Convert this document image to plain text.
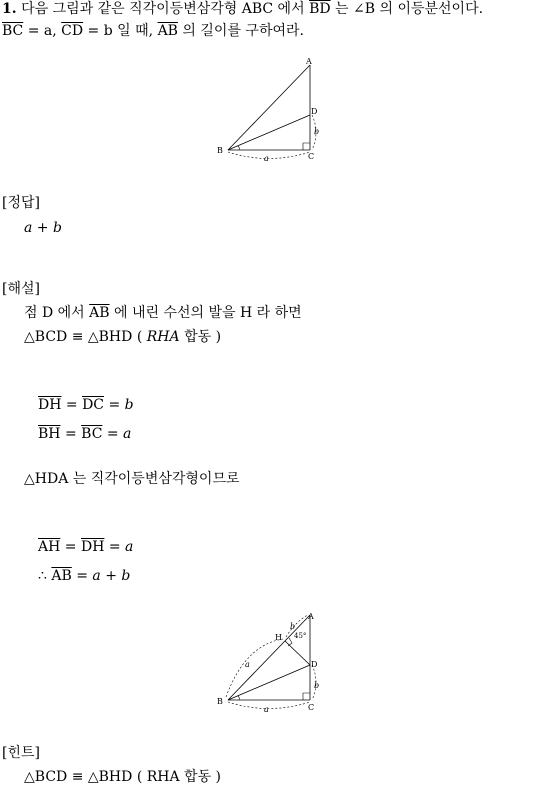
1. 다음 그림과 같은 직각이등변삼각형 ABC 에서 $\overline{BD}$ 는 ∠B 의 이등분선이다.
$\overline{BC} = a$, $\overline{CD} = b$ 일 때, $\overline{AB}$ 의 길이를 구하여라.
A
B
C
D
a
b
[정답]
a + b
[해설]
점 D 에서 $\overline{AB}$ 에 내린 수선의 발을 H 라 하면
△BCD ≡ △BHD ( RHA 합동 )
$\overline{DH} = \overline{DC} = b$
$\overline{BH} = \overline{BC} = a$
△HDA 는 직각이등변삼각형이므로
$\overline{AH} = \overline{DH} = a$
∴ $\overline{AB} = a + b$
A
B
C
D
H
a
b
a
b
45°
[힌트]
△BCD ≡ △BHD ( RHA 합동 )
